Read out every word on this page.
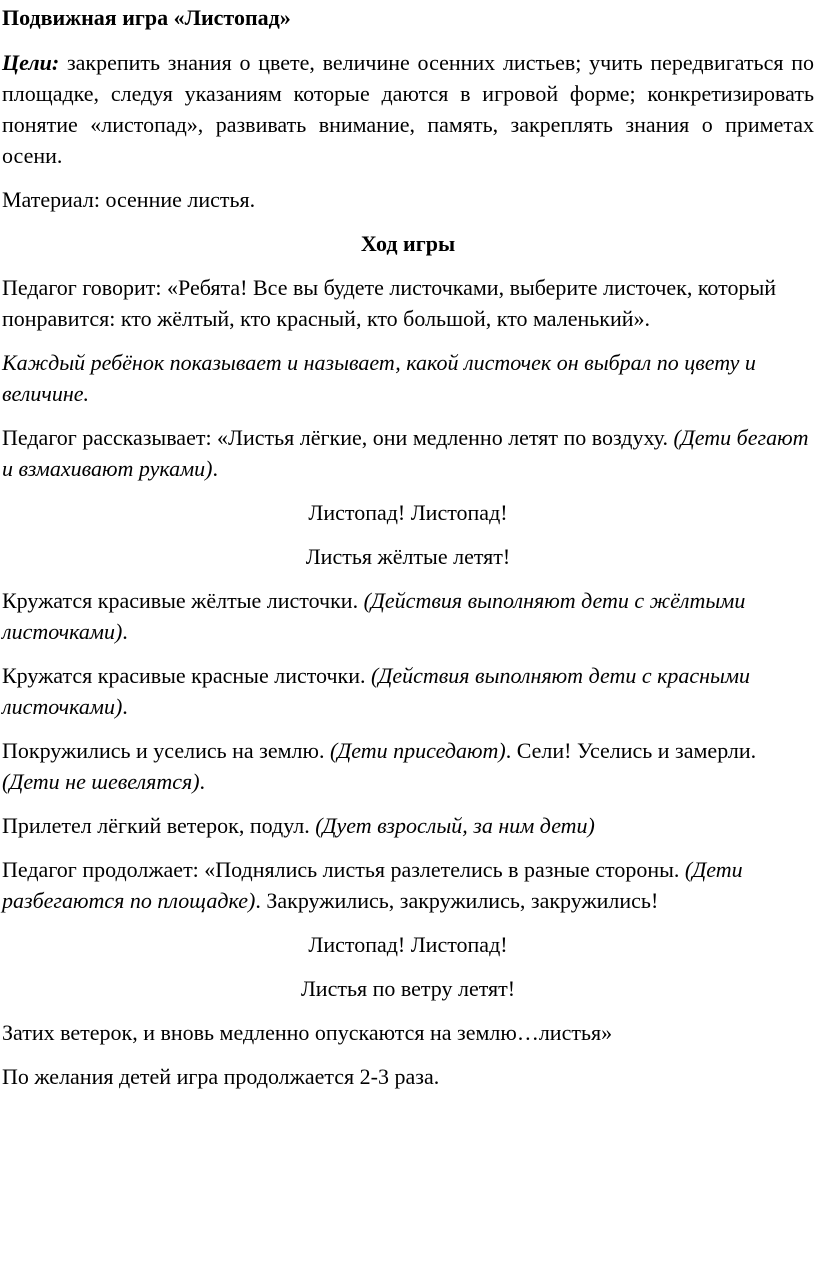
Подвижная игра «Листопад»

Цели: закрепить знания о цвете, величине осенних листьев; учить передвигаться по площадке, следуя указаниям которые даются в игровой форме; конкретизировать понятие «листопад», развивать внимание, память, закреплять знания о приметах осени.

Материал: осенние листья.

Ход игры

Педагог говорит: «Ребята! Все вы будете листочками, выберите листочек, который понравится: кто жёлтый, кто красный, кто большой, кто маленький».

Каждый ребёнок показывает и называет, какой листочек он выбрал по цвету и величине.

Педагог рассказывает: «Листья лёгкие, они медленно летят по воздуху. (Дети бегают и взмахивают руками).

Листопад! Листопад!

Листья жёлтые летят!

Кружатся красивые жёлтые листочки. (Действия выполняют дети с жёлтыми листочками).

Кружатся красивые красные листочки. (Действия выполняют дети с красными листочками).

Покружились и уселись на землю. (Дети приседают). Сели! Уселись и замерли. (Дети не шевелятся).

Прилетел лёгкий ветерок, подул. (Дует взрослый, за ним дети)

Педагог продолжает: «Поднялись листья разлетелись в разные стороны. (Дети разбегаются по площадке). Закружились, закружились, закружились!

Листопад! Листопад!

Листья по ветру летят!

Затих ветерок, и вновь медленно опускаются на землю…листья»

По желания детей игра продолжается 2-3 раза.
